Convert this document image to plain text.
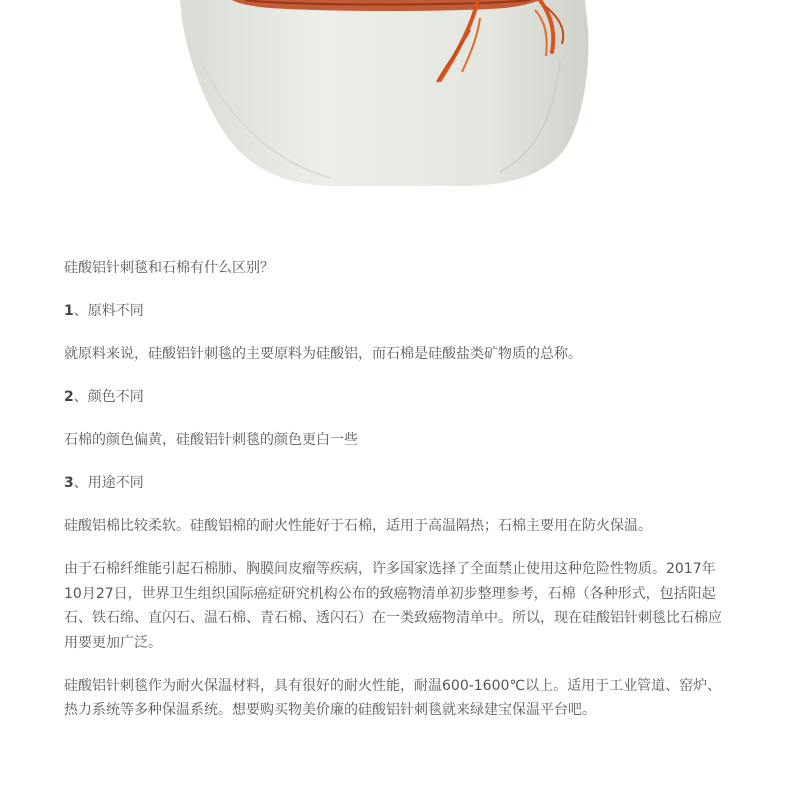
硅酸铝针刺毯和石棉有什么区别？

1、原料不同

就原料来说，硅酸铝针刺毯的主要原料为硅酸铝，而石棉是硅酸盐类矿物质的总称。

2、颜色不同

石棉的颜色偏黄，硅酸铝针刺毯的颜色更白一些

3、用途不同

硅酸铝棉比较柔软。硅酸铝棉的耐火性能好于石棉，适用于高温隔热；石棉主要用在防火保温。

由于石棉纤维能引起石棉肺、胸膜间皮瘤等疾病，许多国家选择了全面禁止使用这种危险性物质。2017年10月27日，世界卫生组织国际癌症研究机构公布的致癌物清单初步整理参考，石棉（各种形式，包括阳起石、铁石绵、直闪石、温石棉、青石棉、透闪石）在一类致癌物清单中。所以，现在硅酸铝针刺毯比石棉应用要更加广泛。

硅酸铝针刺毯作为耐火保温材料，具有很好的耐火性能，耐温600-1600℃以上。适用于工业管道、窑炉、热力系统等多种保温系统。想要购买物美价廉的硅酸铝针刺毯就来绿建宝保温平台吧。
